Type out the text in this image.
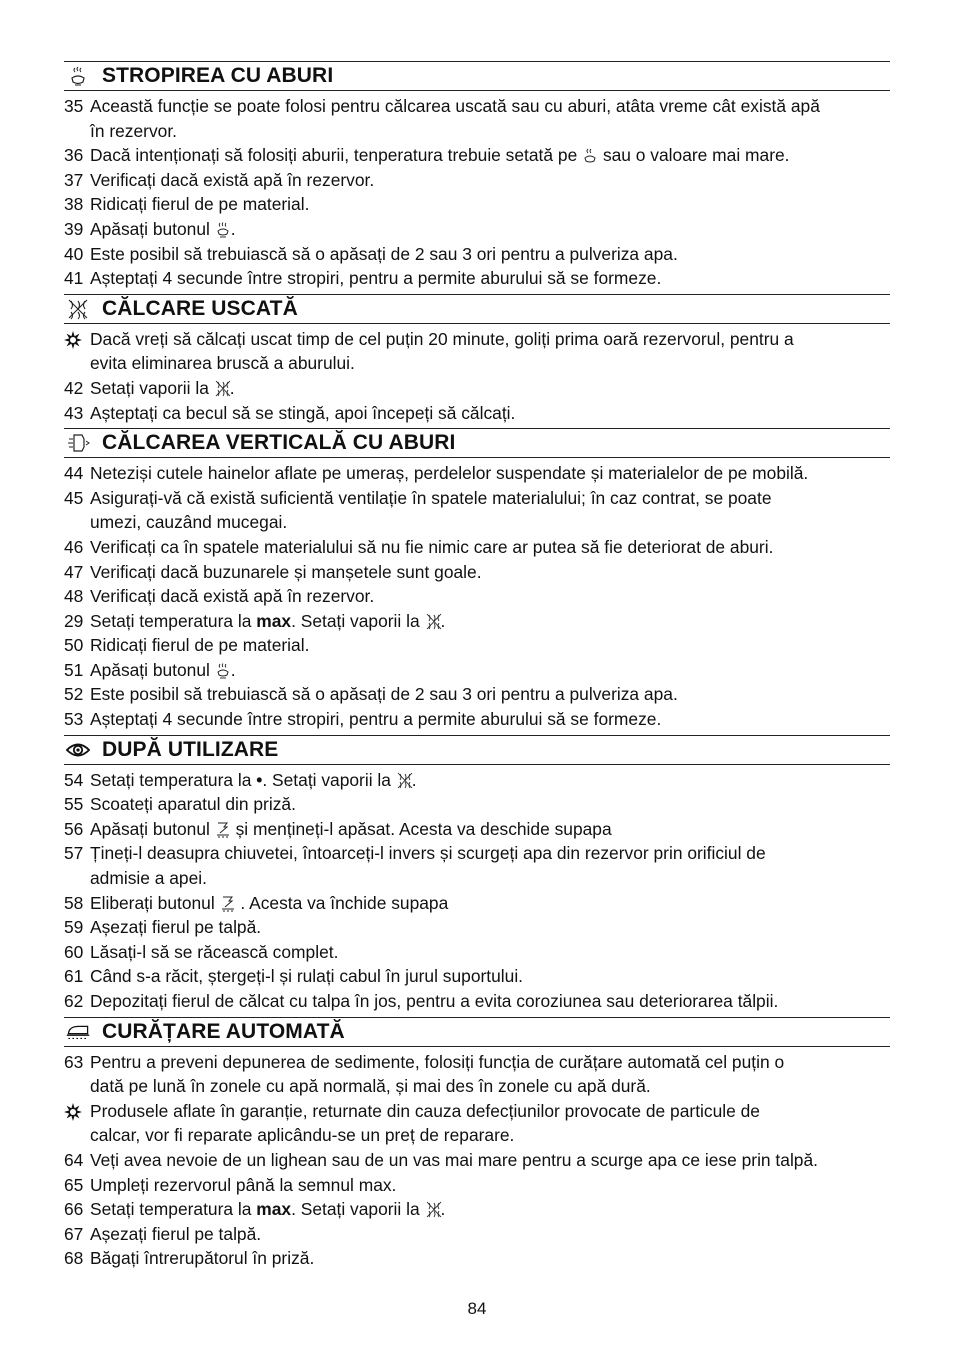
STROPIREA CU ABURI
35 Această funcție se poate folosi pentru călcarea uscată sau cu aburi, atâta vreme cât există apă
în rezervor.
36 Dacă intenționați să folosiți aburii, tenperatura trebuie setată pe sau o valoare mai mare.
37 Verificați dacă există apă în rezervor.
38 Ridicați fierul de pe material.
39 Apăsați butonul .
40 Este posibil să trebuiască să o apăsați de 2 sau 3 ori pentru a pulveriza apa.
41 Așteptați 4 secunde între stropiri, pentru a permite aburului să se formeze.
CĂLCARE USCATĂ
Dacă vreți să călcați uscat timp de cel puțin 20 minute, goliți prima oară rezervorul, pentru a
evita eliminarea bruscă a aburului.
42 Setați vaporii la .
43 Așteptați ca becul să se stingă, apoi începeți să călcați.
CĂLCAREA VERTICALĂ CU ABURI
44 Neteziși cutele hainelor aflate pe umeraș, perdelelor suspendate și materialelor de pe mobilă.
45 Asigurați-vă că există suficientă ventilație în spatele materialului; în caz contrat, se poate
umezi, cauzând mucegai.
46 Verificați ca în spatele materialului să nu fie nimic care ar putea să fie deteriorat de aburi.
47 Verificați dacă buzunarele și manșetele sunt goale.
48 Verificați dacă există apă în rezervor.
29 Setați temperatura la max. Setați vaporii la .
50 Ridicați fierul de pe material.
51 Apăsați butonul .
52 Este posibil să trebuiască să o apăsați de 2 sau 3 ori pentru a pulveriza apa.
53 Așteptați 4 secunde între stropiri, pentru a permite aburului să se formeze.
DUPĂ UTILIZARE
54 Setați temperatura la •. Setați vaporii la .
55 Scoateți aparatul din priză.
56 Apăsați butonul și mențineți-l apăsat. Acesta va deschide supapa
57 Țineți-l deasupra chiuvetei, întoarceți-l invers și scurgeți apa din rezervor prin orificiul de
admisie a apei.
58 Eliberați butonul . Acesta va închide supapa
59 Așezați fierul pe talpă.
60 Lăsați-l să se răcească complet.
61 Când s-a răcit, ștergeți-l și rulați cabul în jurul suportului.
62 Depozitați fierul de călcat cu talpa în jos, pentru a evita coroziunea sau deteriorarea tălpii.
CURĂȚARE AUTOMATĂ
63 Pentru a preveni depunerea de sedimente, folosiți funcția de curățare automată cel puțin o
dată pe lună în zonele cu apă normală, și mai des în zonele cu apă dură.
Produsele aflate în garanție, returnate din cauza defecțiunilor provocate de particule de
calcar, vor fi reparate aplicându-se un preț de reparare.
64 Veți avea nevoie de un lighean sau de un vas mai mare pentru a scurge apa ce iese prin talpă.
65 Umpleți rezervorul până la semnul max.
66 Setați temperatura la max. Setați vaporii la .
67 Așezați fierul pe talpă.
68 Băgați întrerupătorul în priză.
84
